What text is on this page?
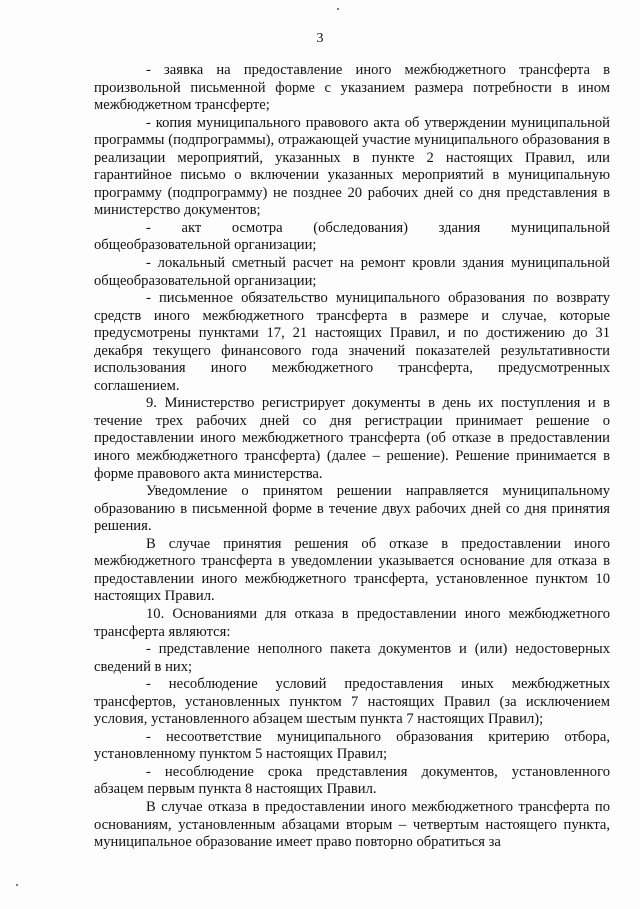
3

- заявка на предоставление иного межбюджетного трансферта в произвольной письменной форме с указанием размера потребности в ином межбюджетном трансферте;

- копия муниципального правового акта об утверждении муниципальной программы (подпрограммы), отражающей участие муниципального образования в реализации мероприятий, указанных в пункте 2 настоящих Правил, или гарантийное письмо о включении указанных мероприятий в муниципальную программу (подпрограмму) не позднее 20 рабочих дней со дня представления в министерство документов;

- акт осмотра (обследования) здания муниципальной общеобразовательной организации;

- локальный сметный расчет на ремонт кровли здания муниципальной общеобразовательной организации;

- письменное обязательство муниципального образования по возврату средств иного межбюджетного трансферта в размере и случае, которые предусмотрены пунктами 17, 21 настоящих Правил, и по достижению до 31 декабря текущего финансового года значений показателей результативности использования иного межбюджетного трансферта, предусмотренных соглашением.

9. Министерство регистрирует документы в день их поступления и в течение трех рабочих дней со дня регистрации принимает решение о предоставлении иного межбюджетного трансферта (об отказе в предоставлении иного межбюджетного трансферта) (далее – решение). Решение принимается в форме правового акта министерства.

Уведомление о принятом решении направляется муниципальному образованию в письменной форме в течение двух рабочих дней со дня принятия решения.

В случае принятия решения об отказе в предоставлении иного межбюджетного трансферта в уведомлении указывается основание для отказа в предоставлении иного межбюджетного трансферта, установленное пунктом 10 настоящих Правил.

10. Основаниями для отказа в предоставлении иного межбюджетного трансферта являются:

- представление неполного пакета документов и (или) недостоверных сведений в них;

- несоблюдение условий предоставления иных межбюджетных трансфертов, установленных пунктом 7 настоящих Правил (за исключением условия, установленного абзацем шестым пункта 7 настоящих Правил);

- несоответствие муниципального образования критерию отбора, установленному пунктом 5 настоящих Правил;

- несоблюдение срока представления документов, установленного абзацем первым пункта 8 настоящих Правил.

В случае отказа в предоставлении иного межбюджетного трансферта по основаниям, установленным абзацами вторым – четвертым настоящего пункта, муниципальное образование имеет право повторно обратиться за
